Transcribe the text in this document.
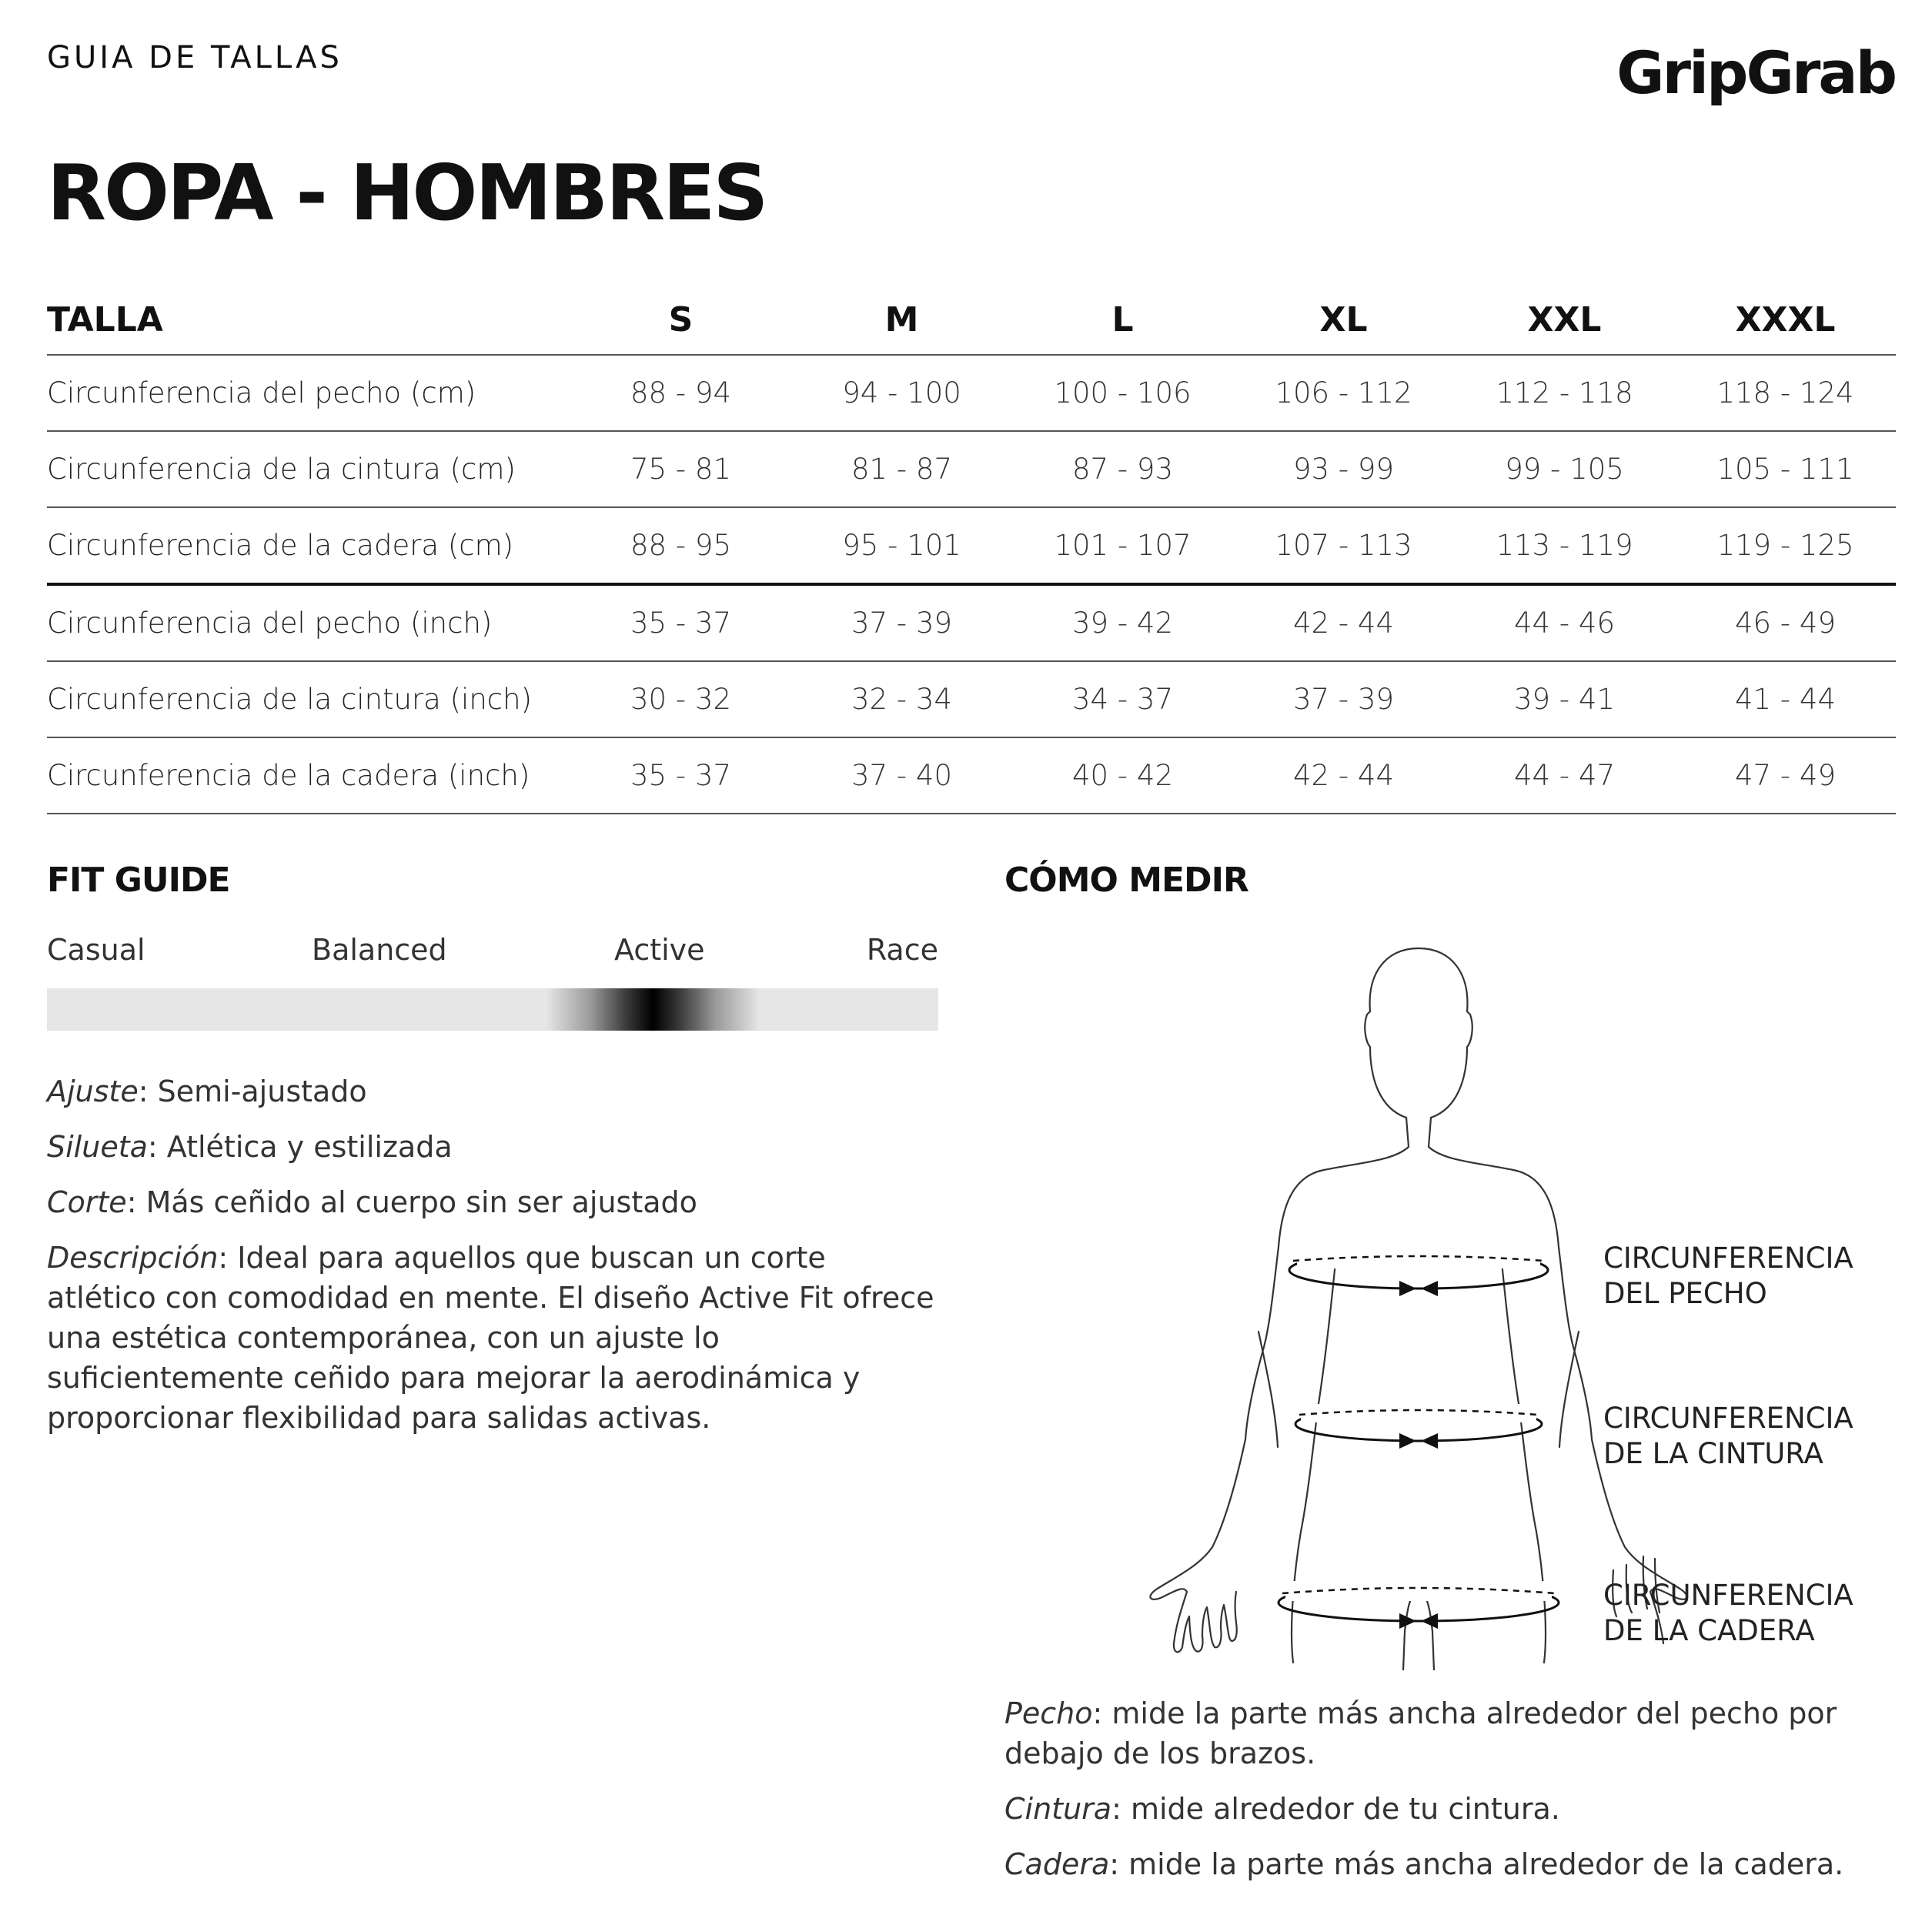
GUIA DE TALLAS	GripGrab
ROPA - HOMBRES
TALLA	S	M	L	XL	XXL	XXXL
Circunferencia del pecho (cm)	88 - 94	94 - 100	100 - 106	106 - 112	112 - 118	118 - 124
Circunferencia de la cintura (cm)	75 - 81	81 - 87	87 - 93	93 - 99	99 - 105	105 - 111
Circunferencia de la cadera (cm)	88 - 95	95 - 101	101 - 107	107 - 113	113 - 119	119 - 125
Circunferencia del pecho (inch)	35 - 37	37 - 39	39 - 42	42 - 44	44 - 46	46 - 49
Circunferencia de la cintura (inch)	30 - 32	32 - 34	34 - 37	37 - 39	39 - 41	41 - 44
Circunferencia de la cadera (inch)	35 - 37	37 - 40	40 - 42	42 - 44	44 - 47	47 - 49
FIT GUIDE
Casual	Balanced	Active	Race
Ajuste: Semi-ajustado
Silueta: Atlética y estilizada
Corte: Más ceñido al cuerpo sin ser ajustado
Descripción: Ideal para aquellos que buscan un corte atlético con comodidad en mente. El diseño Active Fit ofrece una estética contemporánea, con un ajuste lo suficientemente ceñido para mejorar la aerodinámica y proporcionar flexibilidad para salidas activas.
CÓMO MEDIR
CIRCUNFERENCIA
DEL PECHO
CIRCUNFERENCIA
DE LA CINTURA
CIRCUNFERENCIA
DE LA CADERA
Pecho: mide la parte más ancha alrededor del pecho por debajo de los brazos.
Cintura: mide alrededor de tu cintura.
Cadera: mide la parte más ancha alrededor de la cadera.
